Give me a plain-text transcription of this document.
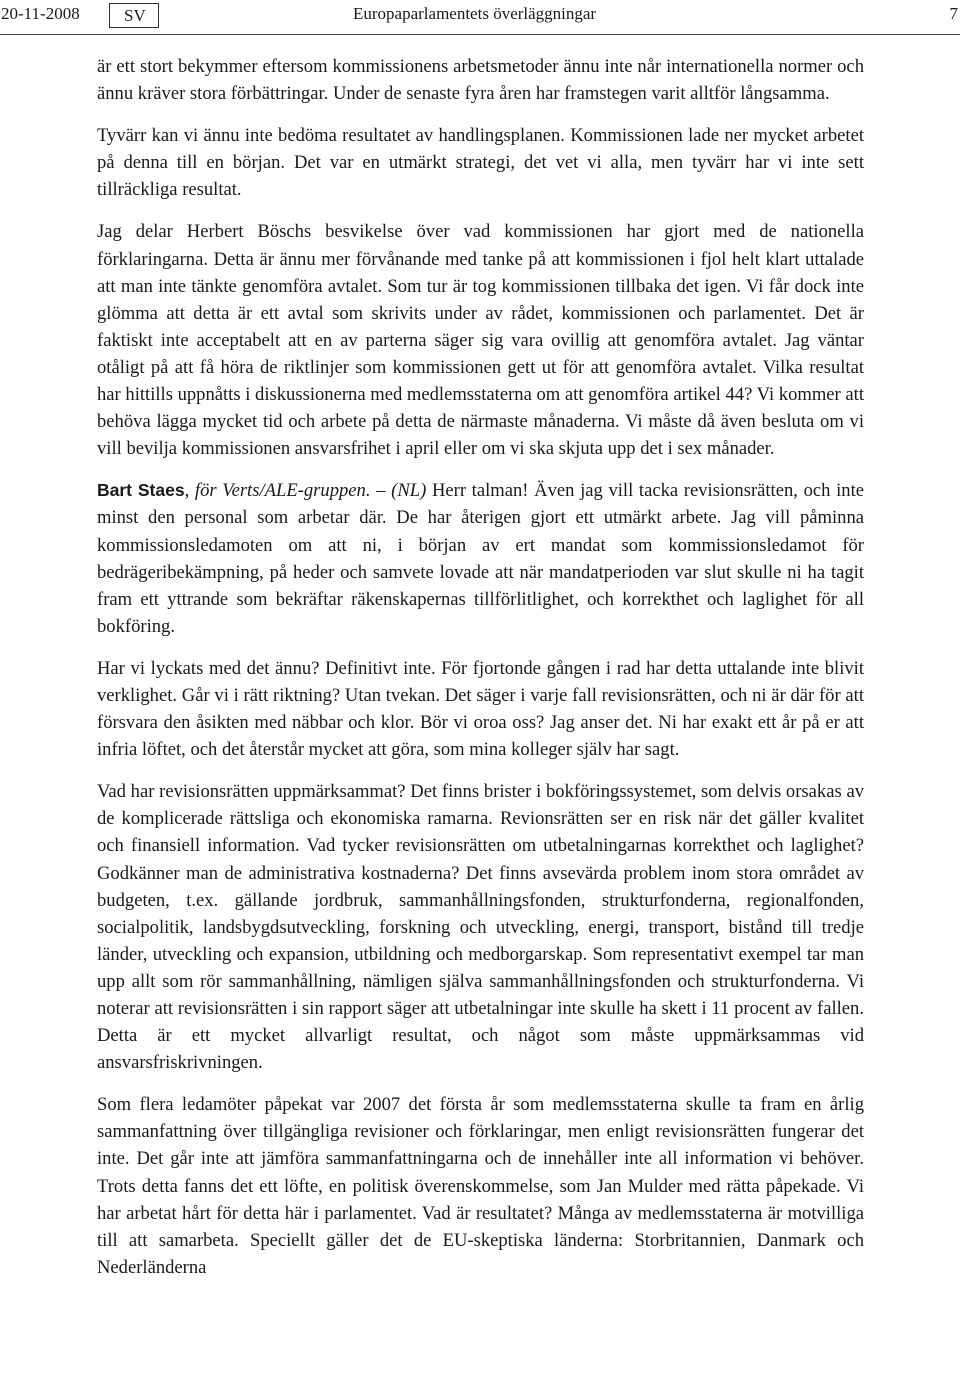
20-11-2008	SV	Europaparlamentets överläggningar	7

är ett stort bekymmer eftersom kommissionens arbetsmetoder ännu inte når internationella normer och ännu kräver stora förbättringar. Under de senaste fyra åren har framstegen varit alltför långsamma.

Tyvärr kan vi ännu inte bedöma resultatet av handlingsplanen. Kommissionen lade ner mycket arbetet på denna till en början. Det var en utmärkt strategi, det vet vi alla, men tyvärr har vi inte sett tillräckliga resultat.

Jag delar Herbert Böschs besvikelse över vad kommissionen har gjort med de nationella förklaringarna. Detta är ännu mer förvånande med tanke på att kommissionen i fjol helt klart uttalade att man inte tänkte genomföra avtalet. Som tur är tog kommissionen tillbaka det igen. Vi får dock inte glömma att detta är ett avtal som skrivits under av rådet, kommissionen och parlamentet. Det är faktiskt inte acceptabelt att en av parterna säger sig vara ovillig att genomföra avtalet. Jag väntar otåligt på att få höra de riktlinjer som kommissionen gett ut för att genomföra avtalet. Vilka resultat har hittills uppnåtts i diskussionerna med medlemsstaterna om att genomföra artikel 44? Vi kommer att behöva lägga mycket tid och arbete på detta de närmaste månaderna. Vi måste då även besluta om vi vill bevilja kommissionen ansvarsfrihet i april eller om vi ska skjuta upp det i sex månader.

Bart Staes, för Verts/ALE-gruppen. – (NL) Herr talman! Även jag vill tacka revisionsrätten, och inte minst den personal som arbetar där. De har återigen gjort ett utmärkt arbete. Jag vill påminna kommissionsledamoten om att ni, i början av ert mandat som kommissionsledamot för bedrägeribekämpning, på heder och samvete lovade att när mandatperioden var slut skulle ni ha tagit fram ett yttrande som bekräftar räkenskapernas tillförlitlighet, och korrekthet och laglighet för all bokföring.

Har vi lyckats med det ännu? Definitivt inte. För fjortonde gången i rad har detta uttalande inte blivit verklighet. Går vi i rätt riktning? Utan tvekan. Det säger i varje fall revisionsrätten, och ni är där för att försvara den åsikten med näbbar och klor. Bör vi oroa oss? Jag anser det. Ni har exakt ett år på er att infria löftet, och det återstår mycket att göra, som mina kolleger själv har sagt.

Vad har revisionsrätten uppmärksammat? Det finns brister i bokföringssystemet, som delvis orsakas av de komplicerade rättsliga och ekonomiska ramarna. Revionsrätten ser en risk när det gäller kvalitet och finansiell information. Vad tycker revisionsrätten om utbetalningarnas korrekthet och laglighet? Godkänner man de administrativa kostnaderna? Det finns avsevärda problem inom stora området av budgeten, t.ex. gällande jordbruk, sammanhållningsfonden, strukturfonderna, regionalfonden, socialpolitik, landsbygdsutveckling, forskning och utveckling, energi, transport, bistånd till tredje länder, utveckling och expansion, utbildning och medborgarskap. Som representativt exempel tar man upp allt som rör sammanhållning, nämligen själva sammanhållningsfonden och strukturfonderna. Vi noterar att revisionsrätten i sin rapport säger att utbetalningar inte skulle ha skett i 11 procent av fallen. Detta är ett mycket allvarligt resultat, och något som måste uppmärksammas vid ansvarsfriskrivningen.

Som flera ledamöter påpekat var 2007 det första år som medlemsstaterna skulle ta fram en årlig sammanfattning över tillgängliga revisioner och förklaringar, men enligt revisionsrätten fungerar det inte. Det går inte att jämföra sammanfattningarna och de innehåller inte all information vi behöver. Trots detta fanns det ett löfte, en politisk överenskommelse, som Jan Mulder med rätta påpekade. Vi har arbetat hårt för detta här i parlamentet. Vad är resultatet? Många av medlemsstaterna är motvilliga till att samarbeta. Speciellt gäller det de EU-skeptiska länderna: Storbritannien, Danmark och Nederländerna
